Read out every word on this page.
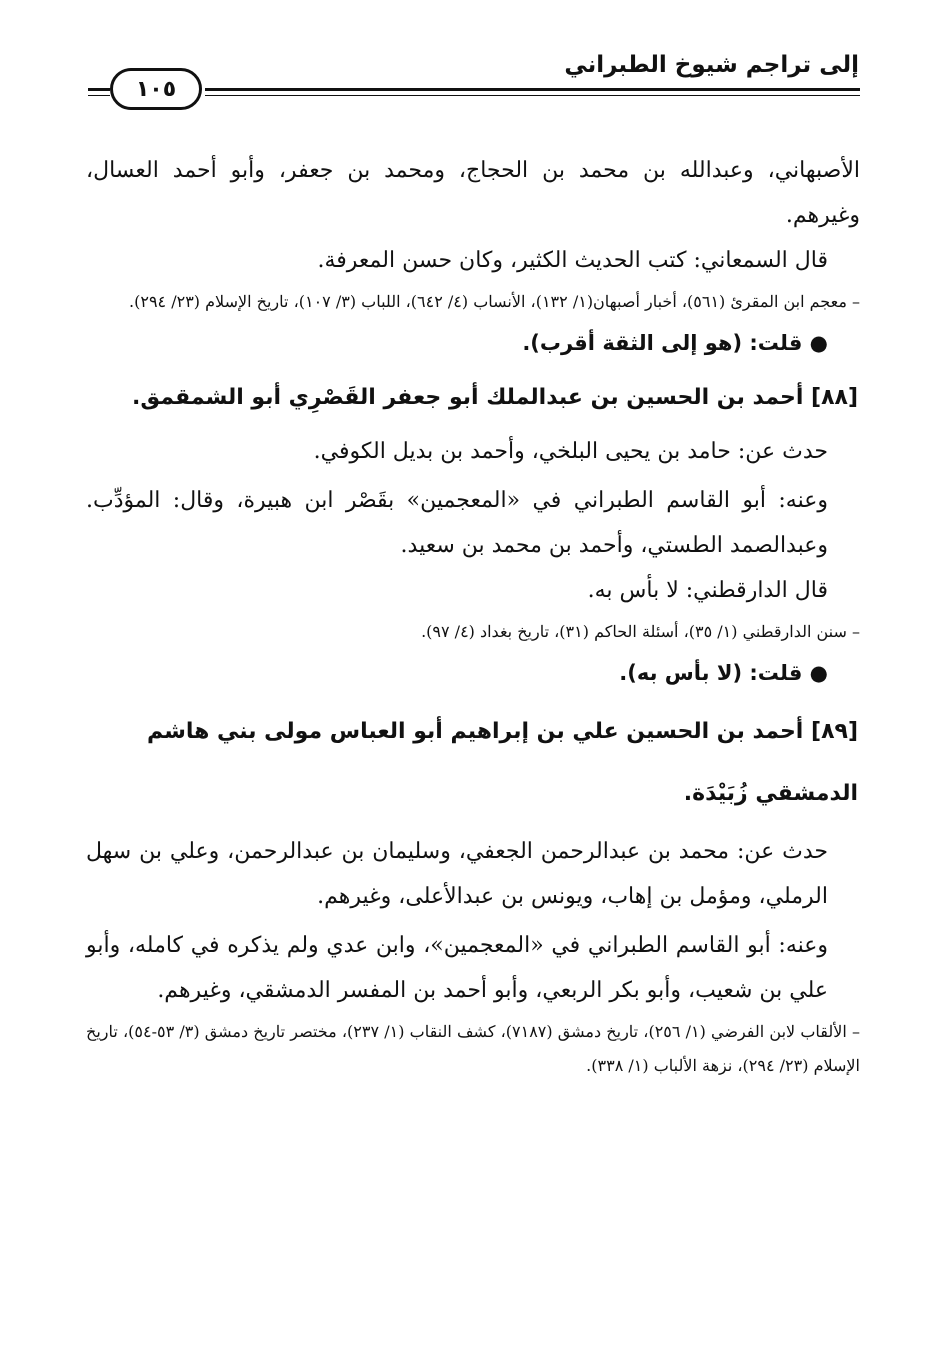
إلى تراجم شيوخ الطبراني
١٠٥

الأصبهاني، وعبدالله بن محمد بن الحجاج، ومحمد بن جعفر، وأبو أحمد العسال، وغيرهم.

قال السمعاني: كتب الحديث الكثير، وكان حسن المعرفة.

– معجم ابن المقرئ (٥٦١)، أخبار أصبهان(١/ ١٣٢)، الأنساب (٤/ ٦٤٢)، اللباب (٣/ ١٠٧)، تاريخ الإسلام (٢٣/ ٢٩٤).

● قلت: (هو إلى الثقة أقرب).

[٨٨] أحمد بن الحسين بن عبدالملك أبو جعفر القَصْرِي أبو الشمقمق.

حدث عن: حامد بن يحيى البلخي، وأحمد بن بديل الكوفي.

وعنه: أبو القاسم الطبراني في «المعجمين» بقَصْر ابن هبيرة، وقال: المؤدِّب. وعبدالصمد الطستي، وأحمد بن محمد بن سعيد.

قال الدارقطني: لا بأس به.

– سنن الدارقطني (١/ ٣٥)، أسئلة الحاكم (٣١)، تاريخ بغداد (٤/ ٩٧).

● قلت: (لا بأس به).

[٨٩] أحمد بن الحسين علي بن إبراهيم أبو العباس مولى بني هاشم الدمشقي زُبَيْدَة.

حدث عن: محمد بن عبدالرحمن الجعفي، وسليمان بن عبدالرحمن، وعلي بن سهل الرملي، ومؤمل بن إهاب، ويونس بن عبدالأعلى، وغيرهم.

وعنه: أبو القاسم الطبراني في «المعجمين»، وابن عدي ولم يذكره في كامله، وأبو علي بن شعيب، وأبو بكر الربعي، وأبو أحمد بن المفسر الدمشقي، وغيرهم.

– الألقاب لابن الفرضي (١/ ٢٥٦)، تاريخ دمشق (٧١٨٧)، كشف النقاب (١/ ٢٣٧)، مختصر تاريخ دمشق (٣/ ٥٣-٥٤)، تاريخ الإسلام (٢٣/ ٢٩٤)، نزهة الألباب (١/ ٣٣٨).
